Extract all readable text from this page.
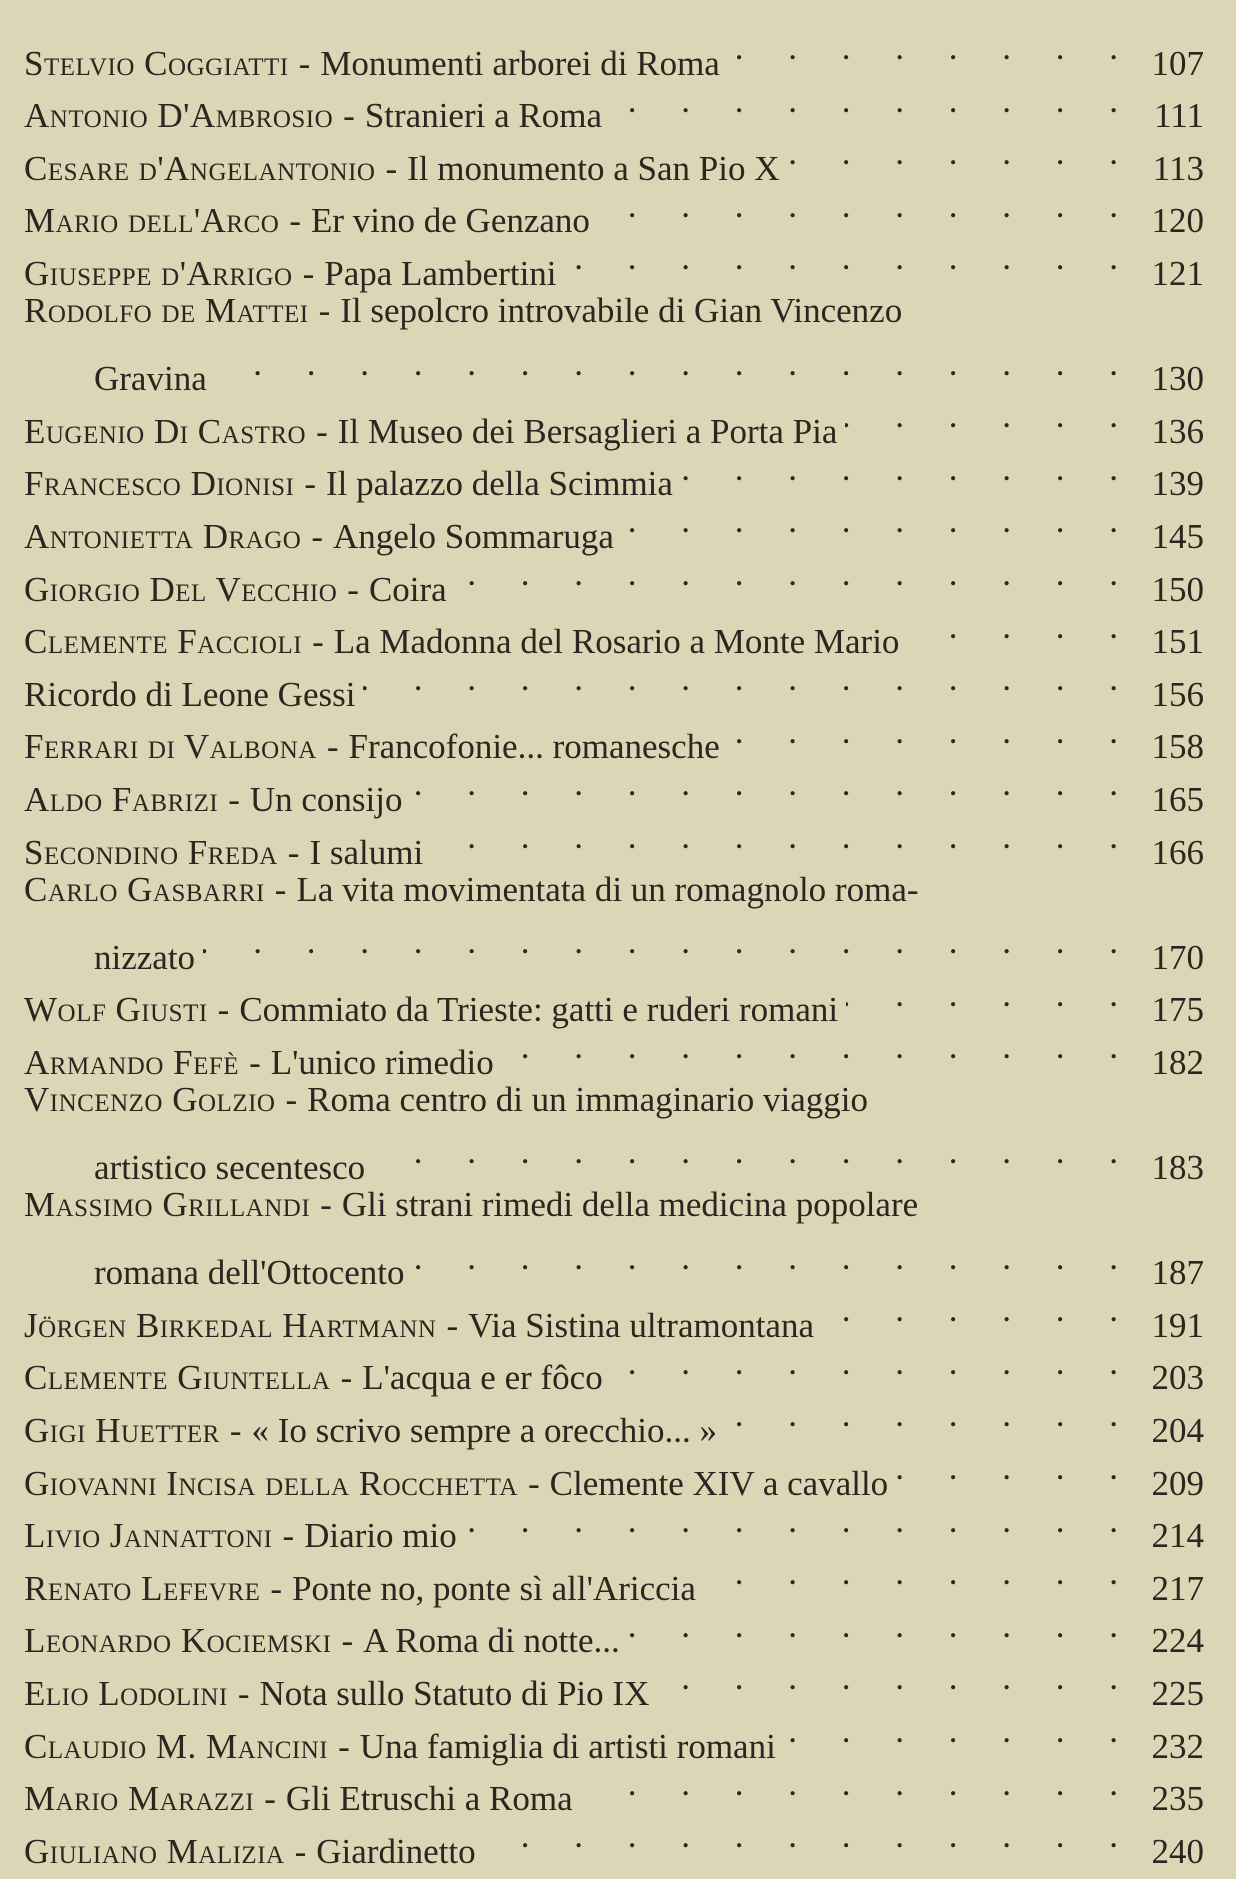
Stelvio Coggiatti - Monumenti arborei di Roma . . .	107
Antonio D'Ambrosio - Stranieri a Roma . . .	111
Cesare d'Angelantonio - Il monumento a San Pio X . . .	113
Mario dell'Arco - Er vino de Genzano . . .	120
Giuseppe d'Arrigo - Papa Lambertini . . .	121
Rodolfo de Mattei - Il sepolcro introvabile di Gian Vincenzo
Gravina . . .	130
Eugenio Di Castro - Il Museo dei Bersaglieri a Porta Pia . . .	136
Francesco Dionisi - Il palazzo della Scimmia . . .	139
Antonietta Drago - Angelo Sommaruga . . .	145
Giorgio Del Vecchio - Coira . . .	150
Clemente Faccioli - La Madonna del Rosario a Monte Mario . . .	151
Ricordo di Leone Gessi . . .	156
Ferrari di Valbona - Francofonie... romanesche . . .	158
Aldo Fabrizi - Un consijo . . .	165
Secondino Freda - I salumi . . .	166
Carlo Gasbarri - La vita movimentata di un romagnolo roma-
nizzato . . .	170
Wolf Giusti - Commiato da Trieste: gatti e ruderi romani . . .	175
Armando Fefè - L'unico rimedio . . .	182
Vincenzo Golzio - Roma centro di un immaginario viaggio
artistico secentesco . . .	183
Massimo Grillandi - Gli strani rimedi della medicina popolare
romana dell'Ottocento . . .	187
Jörgen Birkedal Hartmann - Via Sistina ultramontana . . .	191
Clemente Giuntella - L'acqua e er fôco . . .	203
Gigi Huetter - « Io scrivo sempre a orecchio... » . . .	204
Giovanni Incisa della Rocchetta - Clemente XIV a cavallo . . .	209
Livio Jannattoni - Diario mio . . .	214
Renato Lefevre - Ponte no, ponte sì all'Ariccia . . .	217
Leonardo Kociemski - A Roma di notte... . . .	224
Elio Lodolini - Nota sullo Statuto di Pio IX . . .	225
Claudio M. Mancini - Una famiglia di artisti romani . . .	232
Mario Marazzi - Gli Etruschi a Roma . . .	235
Giuliano Malizia - Giardinetto . . .	240
